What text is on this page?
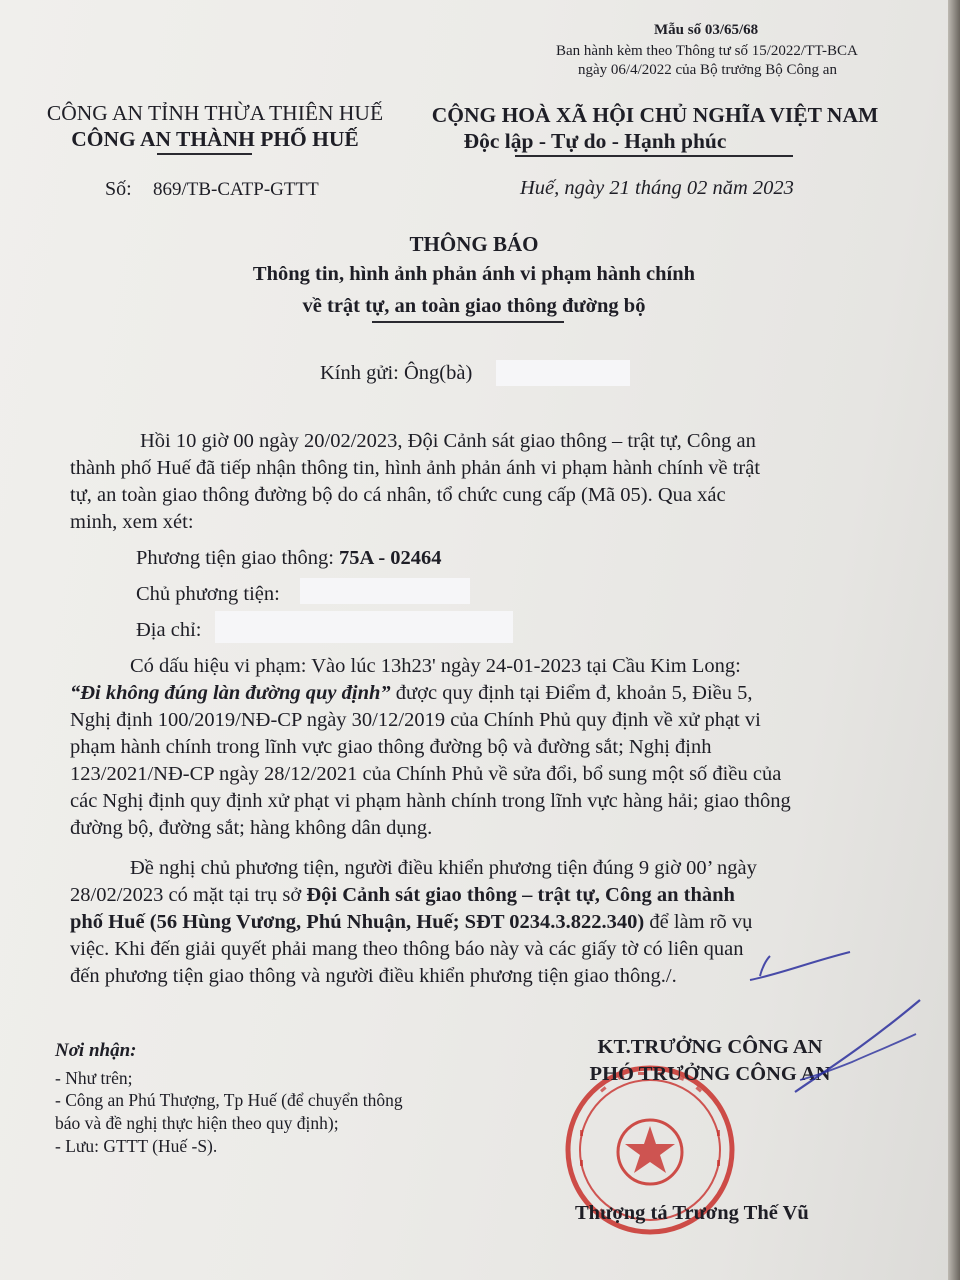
Mẫu số 03/65/68
Ban hành kèm theo Thông tư số 15/2022/TT-BCA
ngày 06/4/2022 của Bộ trưởng Bộ Công an
CÔNG AN TỈNH THỪA THIÊN HUẾ
CÔNG AN THÀNH PHỐ HUẾ
Số: 869/TB-CATP-GTTT
CỘNG HOÀ XÃ HỘI CHỦ NGHĨA VIỆT NAM
Độc lập - Tự do - Hạnh phúc
Huế, ngày 21 tháng 02 năm 2023
THÔNG BÁO
Thông tin, hình ảnh phản ánh vi phạm hành chính
về trật tự, an toàn giao thông đường bộ
Kính gửi: Ông(bà)
Hồi 10 giờ 00 ngày 20/02/2023, Đội Cảnh sát giao thông – trật tự, Công an
thành phố Huế đã tiếp nhận thông tin, hình ảnh phản ánh vi phạm hành chính về trật
tự, an toàn giao thông đường bộ do cá nhân, tổ chức cung cấp (Mã 05). Qua xác
minh, xem xét:
Phương tiện giao thông: 75A - 02464
Chủ phương tiện:
Địa chỉ:
Có dấu hiệu vi phạm: Vào lúc 13h23' ngày 24-01-2023 tại Cầu Kim Long:
“Đi không đúng làn đường quy định” được quy định tại Điểm đ, khoản 5, Điều 5,
Nghị định 100/2019/NĐ-CP ngày 30/12/2019 của Chính Phủ quy định về xử phạt vi
phạm hành chính trong lĩnh vực giao thông đường bộ và đường sắt; Nghị định
123/2021/NĐ-CP ngày 28/12/2021 của Chính Phủ về sửa đổi, bổ sung một số điều của
các Nghị định quy định xử phạt vi phạm hành chính trong lĩnh vực hàng hải; giao thông
đường bộ, đường sắt; hàng không dân dụng.
Đề nghị chủ phương tiện, người điều khiển phương tiện đúng 9 giờ 00’ ngày
28/02/2023 có mặt tại trụ sở Đội Cảnh sát giao thông – trật tự, Công an thành
phố Huế (56 Hùng Vương, Phú Nhuận, Huế; SĐT 0234.3.822.340) để làm rõ vụ
việc. Khi đến giải quyết phải mang theo thông báo này và các giấy tờ có liên quan
đến phương tiện giao thông và người điều khiển phương tiện giao thông./.
Nơi nhận:
- Như trên;
- Công an Phú Thượng, Tp Huế (để chuyển thông
báo và đề nghị thực hiện theo quy định);
- Lưu: GTTT (Huế -S).
KT.TRƯỞNG CÔNG AN
PHÓ TRƯỞNG CÔNG AN
Thượng tá Trương Thế Vũ
